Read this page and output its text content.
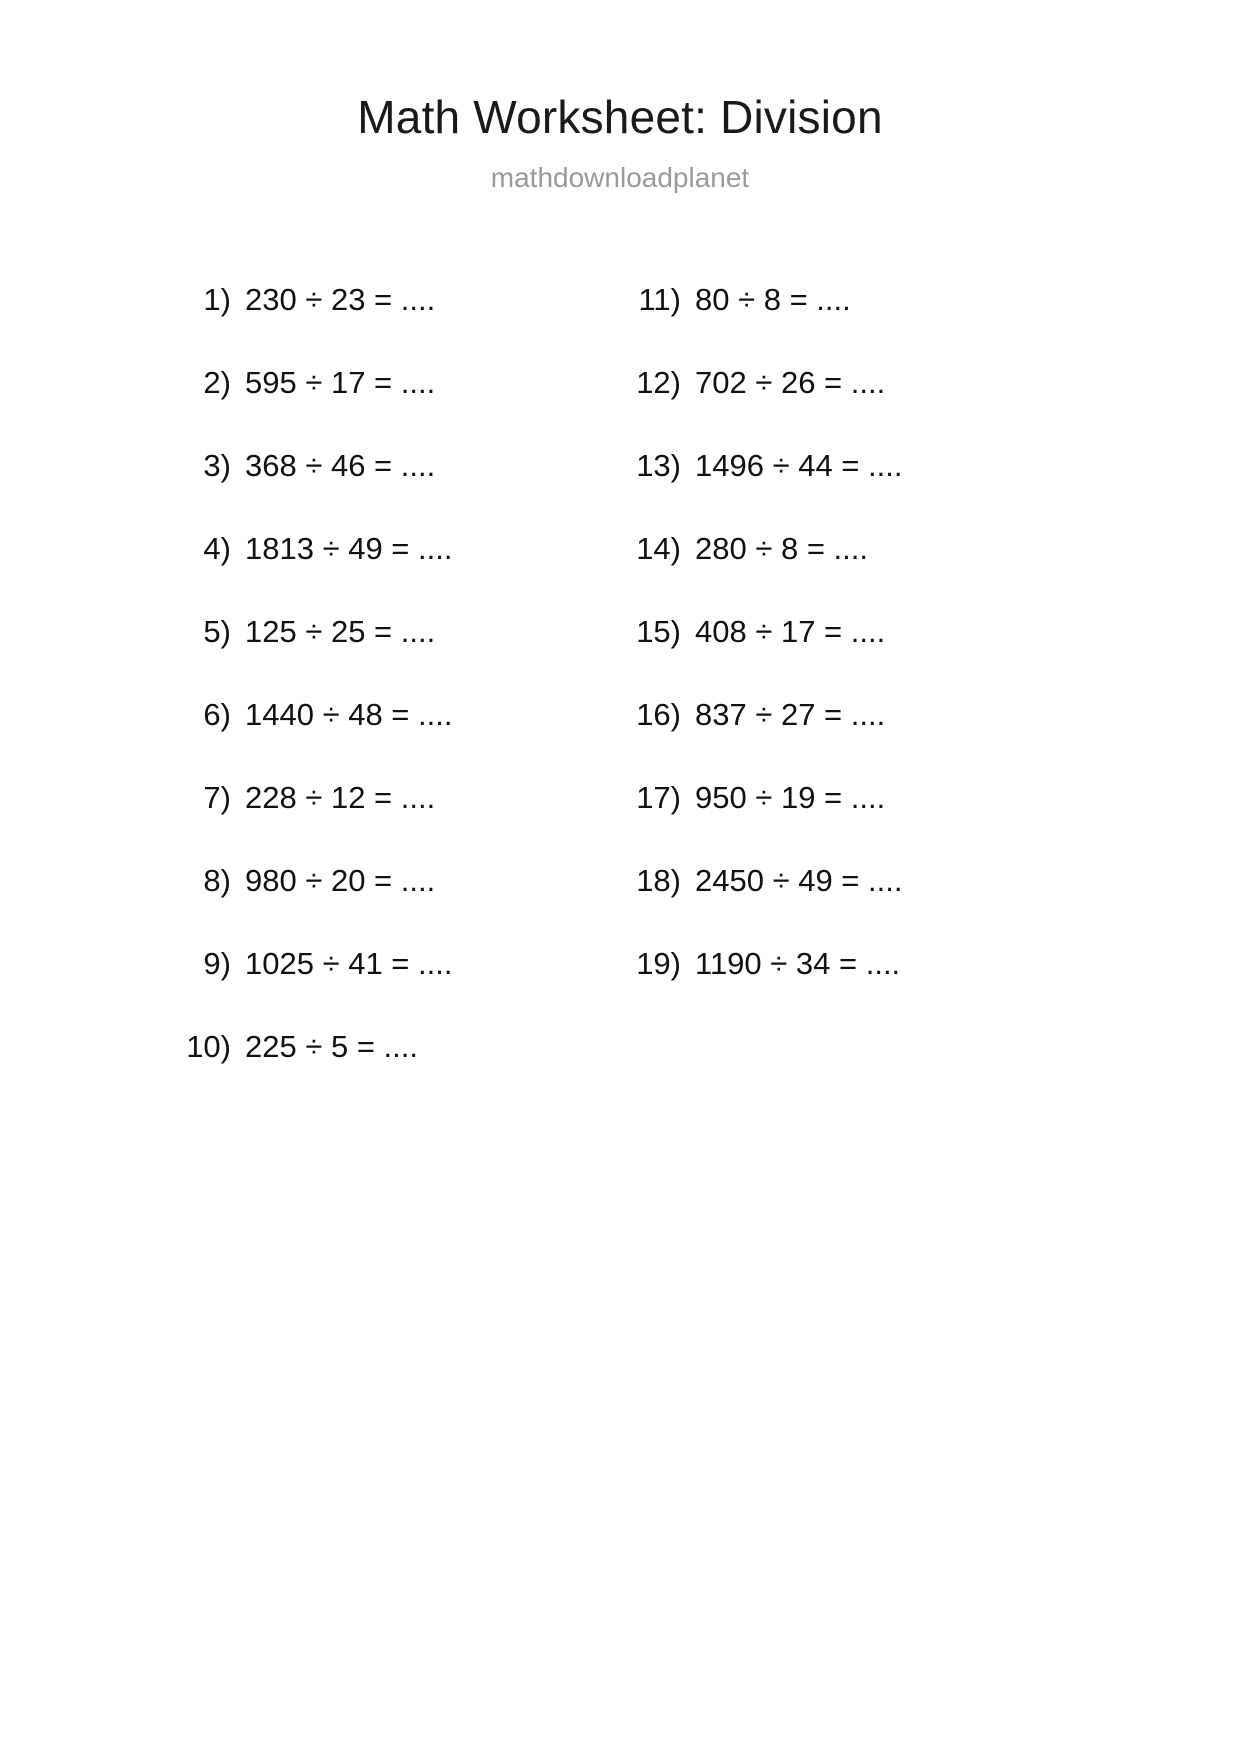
Math Worksheet: Division
mathdownloadplanet
1) 230 ÷ 23 = ....
2) 595 ÷ 17 = ....
3) 368 ÷ 46 = ....
4) 1813 ÷ 49 = ....
5) 125 ÷ 25 = ....
6) 1440 ÷ 48 = ....
7) 228 ÷ 12 = ....
8) 980 ÷ 20 = ....
9) 1025 ÷ 41 = ....
10) 225 ÷ 5 = ....
11) 80 ÷ 8 = ....
12) 702 ÷ 26 = ....
13) 1496 ÷ 44 = ....
14) 280 ÷ 8 = ....
15) 408 ÷ 17 = ....
16) 837 ÷ 27 = ....
17) 950 ÷ 19 = ....
18) 2450 ÷ 49 = ....
19) 1190 ÷ 34 = ....
